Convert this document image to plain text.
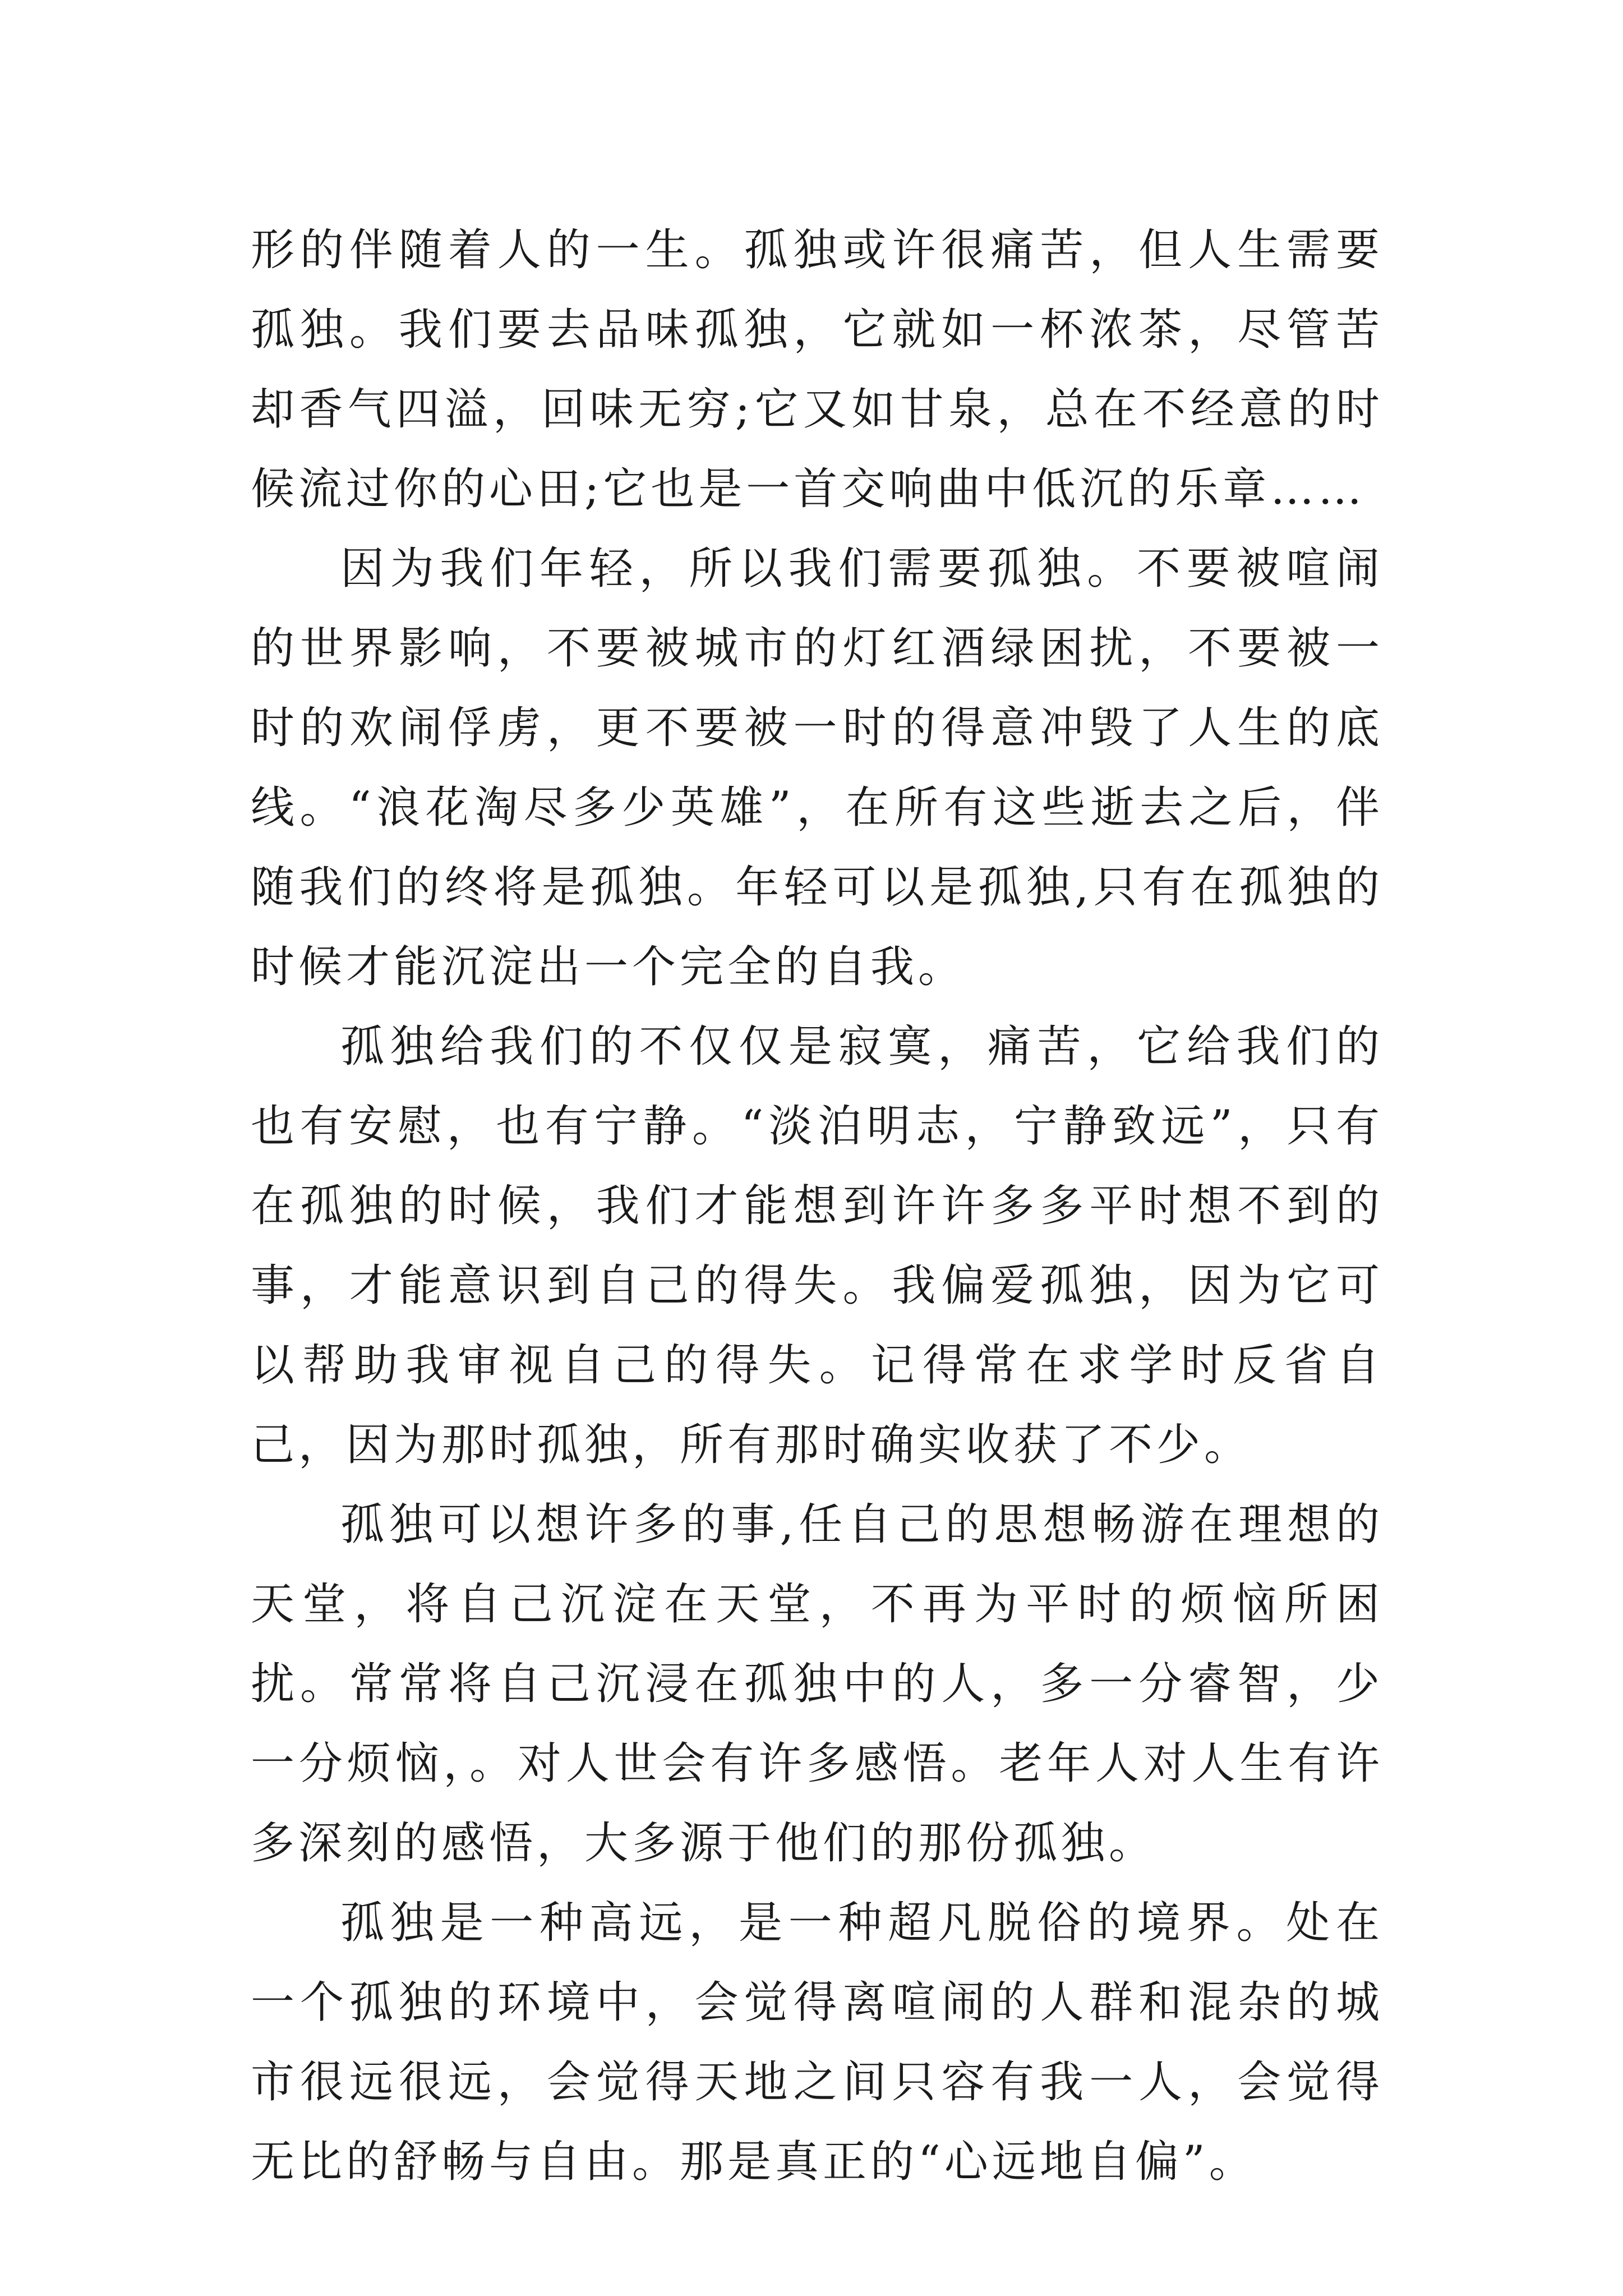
形的伴随着人的一生。孤独或许很痛苦，但人生需要孤独。我们要去品味孤独，它就如一杯浓茶，尽管苦却香气四溢，回味无穷;它又如甘泉，总在不经意的时候流过你的心田;它也是一首交响曲中低沉的乐章……

因为我们年轻，所以我们需要孤独。不要被喧闹的世界影响，不要被城市的灯红酒绿困扰，不要被一时的欢闹俘虏，更不要被一时的得意冲毁了人生的底线。“浪花淘尽多少英雄”，在所有这些逝去之后，伴随我们的终将是孤独。年轻可以是孤独,只有在孤独的时候才能沉淀出一个完全的自我。

孤独给我们的不仅仅是寂寞，痛苦，它给我们的也有安慰，也有宁静。“淡泊明志，宁静致远”，只有在孤独的时候，我们才能想到许许多多平时想不到的事，才能意识到自己的得失。我偏爱孤独，因为它可以帮助我审视自己的得失。记得常在求学时反省自己，因为那时孤独，所有那时确实收获了不少。

孤独可以想许多的事,任自己的思想畅游在理想的天堂，将自己沉淀在天堂，不再为平时的烦恼所困扰。常常将自己沉浸在孤独中的人，多一分睿智，少一分烦恼，。对人世会有许多感悟。老年人对人生有许多深刻的感悟，大多源于他们的那份孤独。

孤独是一种高远，是一种超凡脱俗的境界。处在一个孤独的环境中，会觉得离喧闹的人群和混杂的城市很远很远，会觉得天地之间只容有我一人，会觉得无比的舒畅与自由。那是真正的“心远地自偏”。
